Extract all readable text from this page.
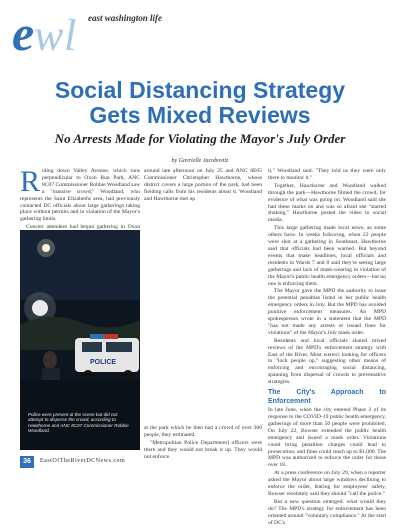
e w l east washington life
Social Distancing Strategy
Gets Mixed Reviews
No Arrests Made for Violating the Mayor's July Order
by Gavrielle Jacobovitz
R iding down Valley Avenue, which runs perpendicular to Oxon Run Park, ANC 8C07 Commissioner Robbie Woodland saw a "massive crowd," Woodland, who represents the Saint Elizabeths area, had previously contacted DC officials about large gatherings taking place without permits and in violation of the Mayor's gathering limits.

Concert attendees had begun gathering in Oxon

POLICE
Police were present at the scene but did not attempt to disperse the crowd, according to Hawthorne and ANC 8C07 Commissioner Robbie Woodland.

around late afternoon on July 25 and ANC 8E05 Commissioner Christopher Hawthorne, whose district covers a large portion of the park, had been fielding calls from his residents about it. Woodland and Hawthorne met up

at the park which he then had a crowd of over 300 people, they estimated.

"Metropolitan Police Department] officers were there and they would not break it up. They would not enforce

it," Woodland said. "They told us they were only there to monitor it."

Together, Hawthorne and Woodland walked through the park—Hawthorne filmed the crowd, for evidence of what was going on. Woodland said she had these marks on and was so afraid she "started shaking." Hawthorne posted the video to social media.

This large gathering made local news, as some others have. In weeks following, when 22 people were shot at a gathering in Southeast, Hawthorne said that officials had been warned. But beyond events that make headlines, local officials and residents in Wards 7 and 8 said they're seeing large gatherings and lack of mask-wearing in violation of the Mayor's public health emergency orders—but no one is enforcing them.

The Mayor gave the MPD the authority to issue the potential penalties listed in her public health emergency orders in July. But the MPD has avoided punitive enforcement measures. An MPD spokesperson wrote in a statement that the MPD "has not made any arrests or issued fines for violations" of the Mayor's July mask order.

Residents and local officials shared mixed reviews of the MPD's enforcement strategy with East of the River. Most weren't looking for officers to "lock people up," suggesting other means of enforcing and encouraging social distancing, spanning from dispersal of crowds to preventative strategies.

The City's Approach to Enforcement

In late June, when the city entered Phase 2 of its response to the COVID-19 public health emergency, gatherings of more than 50 people were prohibited. On July 22, Bowser extended the public health emergency and issued a mask order. Violations could bring penalties: charges could lead to prosecution, and fines could reach up to $1,000. The MPD was authorized to enforce the order for those over 18.

At a press conference on July 29, when a reporter asked the Mayor about large windows declining to enforce the order, fearing for employees' safety, Bowser resolutely said they should "call the police."

But a new question emerged: what would they do? The MPD's strategy for enforcement has been oriented around "voluntary compliance." At the start of DC's

36	EastOfTheRiverDCNews.com
